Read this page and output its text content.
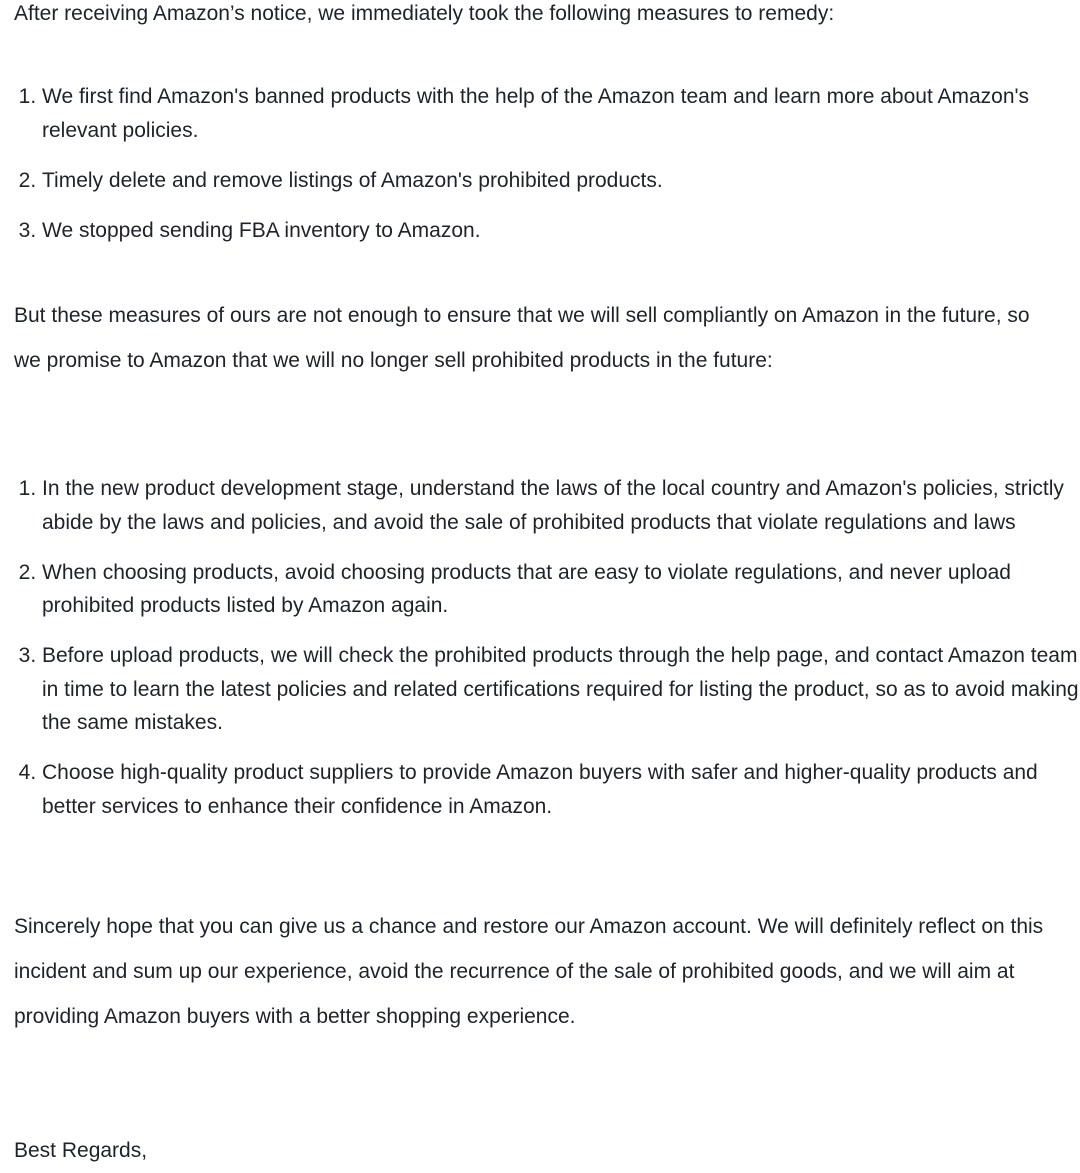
After receiving Amazon’s notice, we immediately took the following measures to remedy:

1. We first find Amazon's banned products with the help of the Amazon team and learn more about Amazon's relevant policies.
2. Timely delete and remove listings of Amazon's prohibited products.
3. We stopped sending FBA inventory to Amazon.

But these measures of ours are not enough to ensure that we will sell compliantly on Amazon in the future, so we promise to Amazon that we will no longer sell prohibited products in the future:

1. In the new product development stage, understand the laws of the local country and Amazon's policies, strictly abide by the laws and policies, and avoid the sale of prohibited products that violate regulations and laws
2. When choosing products, avoid choosing products that are easy to violate regulations, and never upload prohibited products listed by Amazon again.
3. Before upload products, we will check the prohibited products through the help page, and contact Amazon team in time to learn the latest policies and related certifications required for listing the product, so as to avoid making the same mistakes.
4. Choose high-quality product suppliers to provide Amazon buyers with safer and higher-quality products and better services to enhance their confidence in Amazon.

Sincerely hope that you can give us a chance and restore our Amazon account. We will definitely reflect on this incident and sum up our experience, avoid the recurrence of the sale of prohibited goods, and we will aim at providing Amazon buyers with a better shopping experience.

Best Regards,
